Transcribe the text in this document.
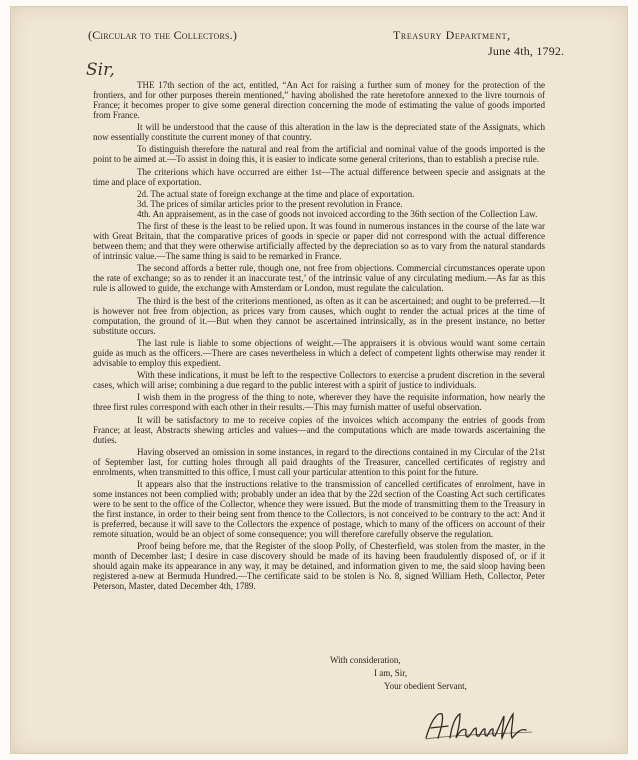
(Circular to the Collectors.)	Treasury Department,
June 4th, 1792.
Sir,

THE 17th section of the act, entitled, “An Act for raising a further sum of money for the protection of the frontiers, and for other purposes therein mentioned,” having abolished the rate heretofore annexed to the livre tournois of France; it becomes proper to give some general direction concerning the mode of estimating the value of goods imported from France.

It will be understood that the cause of this alteration in the law is the depreciated state of the Assignats, which now essentially constitute the current money of that country.

To distinguish therefore the natural and real from the artificial and nominal value of the goods imported is the point to be aimed at.—To assist in doing this, it is easier to indicate some general criterions, than to establish a precise rule.

The criterions which have occurred are either 1st—The actual difference between specie and assignats at the time and place of exportation.

2d. The actual state of foreign exchange at the time and place of exportation.

3d. The prices of similar articles prior to the present revolution in France.

4th. An appraisement, as in the case of goods not invoiced according to the 36th section of the Collection Law.

The first of these is the least to be relied upon. It was found in numerous instances in the course of the late war with Great Britain, that the comparative prices of goods in specie or paper did not correspond with the actual difference between them; and that they were otherwise artificially affected by the depreciation so as to vary from the natural standards of intrinsic value.—The same thing is said to be remarked in France.

The second affords a better rule, though one, not free from objections. Commercial circumstances operate upon the rate of exchange; so as to render it an inaccurate test,’ of the intrinsic value of any circulating medium.—As far as this rule is allowed to guide, the exchange with Amsterdam or London, must regulate the calculation.

The third is the best of the criterions mentioned, as often as it can be ascertained; and ought to be preferred.—It is however not free from objection, as prices vary from causes, which ought to render the actual prices at the time of computation, the ground of it.—But when they cannot be ascertained intrinsically, as in the present instance, no better substitute occurs.

The last rule is liable to some objections of weight.—The appraisers it is obvious would want some certain guide as much as the officers.—There are cases nevertheless in which a defect of competent lights otherwise may render it advisable to employ this expedient.

With these indications, it must be left to the respective Collectors to exercise a prudent discretion in the several cases, which will arise; combining a due regard to the public interest with a spirit of justice to individuals.

I wish them in the progress of the thing to note, wherever they have the requisite information, how nearly the three first rules correspond with each other in their results.—This may furnish matter of useful observation.

It will be satisfactory to me to receive copies of the invoices which accompany the entries of goods from France; at least, Abstracts shewing articles and values—and the computations which are made towards ascertaining the duties.

Having observed an omission in some instances, in regard to the directions contained in my Circular of the 21st of September last, for cutting holes through all paid draughts of the Treasurer, cancelled certificates of registry and enrolments, when transmitted to this office, I must call your particular attention to this point for the future.

It appears also that the instructions relative to the transmission of cancelled certificates of enrolment, have in some instances not been complied with; probably under an idea that by the 22d section of the Coasting Act such certificates were to be sent to the office of the Collector, whence they were issued. But the mode of transmitting them to the Treasury in the first instance, in order to their being sent from thence to the Collectors, is not conceived to be contrary to the act: And it is preferred, because it will save to the Collectors the expence of postage, which to many of the officers on account of their remote situation, would be an object of some consequence; you will therefore carefully observe the regulation.

Proof being before me, that the Register of the sloop Polly, of Chesterfield, was stolen from the master, in the month of December last; I desire in case discovery should be made of its having been fraudulently disposed of, or if it should again make its appearance in any way, it may be detained, and information given to me, the said sloop having been registered a-new at Bermuda Hundred.—The certificate said to be stolen is No. 8, signed William Heth, Collector, Peter Peterson, Master, dated December 4th, 1789.

With consideration,
I am, Sir,
Your obedient Servant,
